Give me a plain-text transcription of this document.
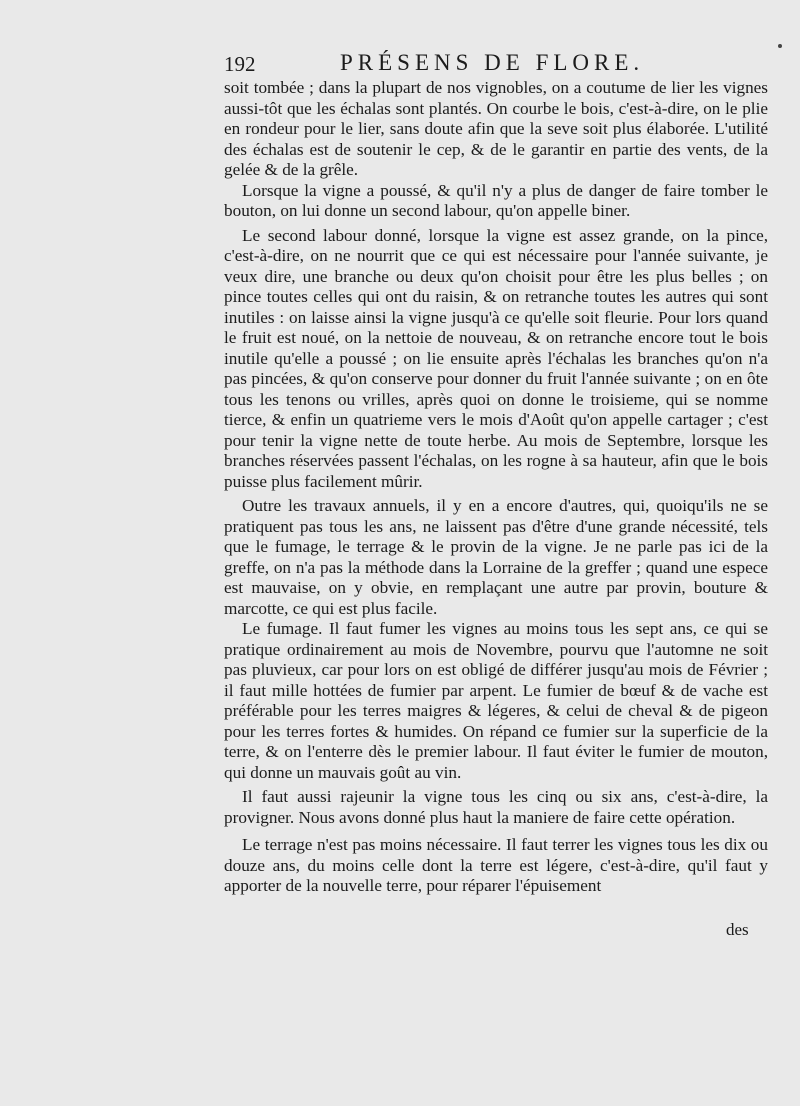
192	PRÉSENS DE FLORE.

soit tombée ; dans la plupart de nos vignobles, on a coutume de lier les vignes aussi-tôt que les échalas sont plantés. On courbe le bois, c'est-à-dire, on le plie en rondeur pour le lier, sans doute afin que la seve soit plus élaborée. L'utilité des échalas est de soutenir le cep, & de le garantir en partie des vents, de la gelée & de la grêle.

Lorsque la vigne a poussé, & qu'il n'y a plus de danger de faire tomber le bouton, on lui donne un second labour, qu'on appelle biner.

Le second labour donné, lorsque la vigne est assez grande, on la pince, c'est-à-dire, on ne nourrit que ce qui est nécessaire pour l'année suivante, je veux dire, une branche ou deux qu'on choisit pour être les plus belles ; on pince toutes celles qui ont du raisin, & on retranche toutes les autres qui sont inutiles : on laisse ainsi la vigne jusqu'à ce qu'elle soit fleurie. Pour lors quand le fruit est noué, on la nettoie de nouveau, & on retranche encore tout le bois inutile qu'elle a poussé ; on lie ensuite après l'échalas les branches qu'on n'a pas pincées, & qu'on conserve pour donner du fruit l'année suivante ; on en ôte tous les tenons ou vrilles, après quoi on donne le troisieme, qui se nomme tierce, & enfin un quatrieme vers le mois d'Août qu'on appelle cartager ; c'est pour tenir la vigne nette de toute herbe. Au mois de Septembre, lorsque les branches réservées passent l'échalas, on les rogne à sa hauteur, afin que le bois puisse plus facilement mûrir.

Outre les travaux annuels, il y en a encore d'autres, qui, quoiqu'ils ne se pratiquent pas tous les ans, ne laissent pas d'être d'une grande nécessité, tels que le fumage, le terrage & le provin de la vigne. Je ne parle pas ici de la greffe, on n'a pas la méthode dans la Lorraine de la greffer ; quand une espece est mauvaise, on y obvie, en remplaçant une autre par provin, bouture & marcotte, ce qui est plus facile.

Le fumage. Il faut fumer les vignes au moins tous les sept ans, ce qui se pratique ordinairement au mois de Novembre, pourvu que l'automne ne soit pas pluvieux, car pour lors on est obligé de différer jusqu'au mois de Février ; il faut mille hottées de fumier par arpent. Le fumier de bœuf & de vache est préférable pour les terres maigres & légeres, & celui de cheval & de pigeon pour les terres fortes & humides. On répand ce fumier sur la superficie de la terre, & on l'enterre dès le premier labour. Il faut éviter le fumier de mouton, qui donne un mauvais goût au vin.

Il faut aussi rajeunir la vigne tous les cinq ou six ans, c'est-à-dire, la provigner. Nous avons donné plus haut la maniere de faire cette opération.

Le terrage n'est pas moins nécessaire. Il faut terrer les vignes tous les dix ou douze ans, du moins celle dont la terre est légere, c'est-à-dire, qu'il faut y apporter de la nouvelle terre, pour réparer l'épuisement

des
